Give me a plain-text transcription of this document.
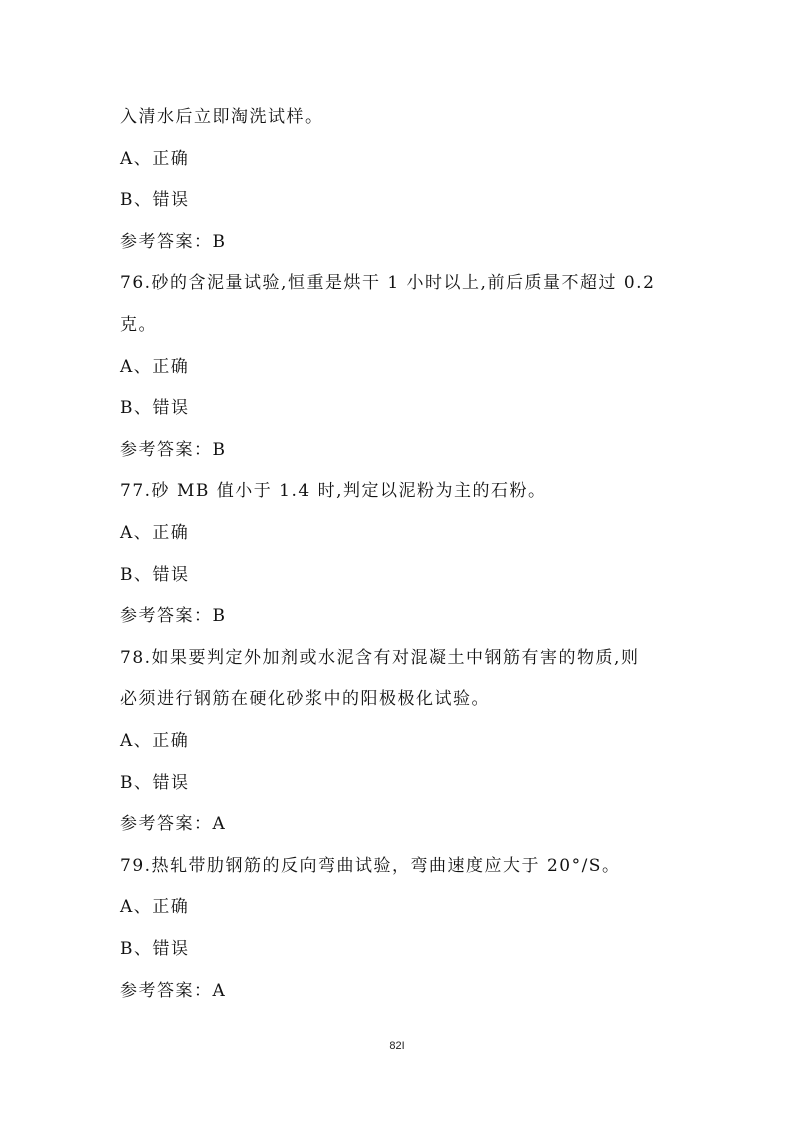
入清水后立即淘洗试样。
A、正确
B、错误
参考答案：B
76.砂的含泥量试验,恒重是烘干 1 小时以上,前后质量不超过 0.2
克。
A、正确
B、错误
参考答案：B
77.砂 MB 值小于 1.4 时,判定以泥粉为主的石粉。
A、正确
B、错误
参考答案：B
78.如果要判定外加剂或水泥含有对混凝土中钢筋有害的物质,则
必须进行钢筋在硬化砂浆中的阳极极化试验。
A、正确
B、错误
参考答案：A
79.热轧带肋钢筋的反向弯曲试验，弯曲速度应大于 20°/S。
A、正确
B、错误
参考答案：A
82I
